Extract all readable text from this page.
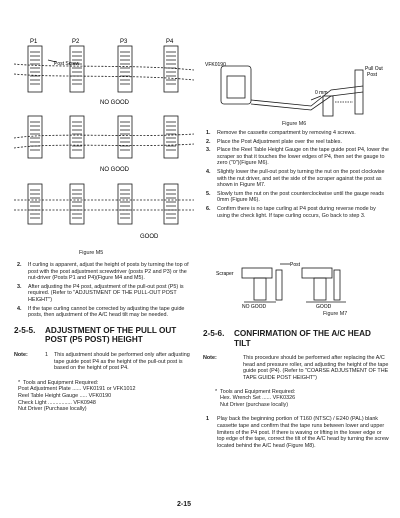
P1	P2	P3	P4
Post Screw
NO GOOD
NO GOOD
GOOD
Figure M5
2. If curling is apparent, adjust the height of posts by turning the top of post with the post adjustment screwdriver (posts P2 and P3) or the nut-driver (Posts P1 and P4)(Figure M4 and M5).
3. After adjusting the P4 post, adjustment of the pull-out post (P5) is required. (Refer to "ADJUSTMENT OF THE PULL-OUT POST HEIGHT")
4. If the tape curling cannot be corrected by adjusting the tape guide posts, then adjustment of the A/C head tilt may be needed.
2-5-5. ADJUSTMENT OF THE PULL OUT POST (P5 POST) HEIGHT
Note:	1 This adjustment should be performed only after adjusting tape guide post P4 as the height of the pull-out post is based on the height of post P4.
* Tools and Equipment Required:
Post Adjustment Plate ...... VFK0191 or VFK1012
Reel Table Height Gauge ..... VFK0190
Check Light ................ VFK0948
Nut Driver (Purchase locally)
VFK0190
Pull Out
Post
0 mm
Figure M6
1. Remove the cassette compartment by removing 4 screws.
2. Place the Post Adjustment plate over the reel tables.
3. Place the Reel Table Height Gauge on the tape guide post P4, lower the scraper so that it touches the lower edges of P4, then set the gauge to zero ("0")(Figure M6).
4. Slightly lower the pull-out post by turning the nut on the post clockwise with the nut driver, and set the side of the scraper against the post as shown in Figure M7.
5. Slowly turn the nut on the post counterclockwise until the gauge reads 0mm (Figure M6).
6. Confirm there is no tape curling at P4 post during reverse mode by using the check light. If tape curling occurs, Go back to step 3.
Scraper
Post
NO GOOD	GOOD
Figure M7
2-5-6. CONFIRMATION OF THE A/C HEAD TILT
Note:	This procedure should be performed after replacing the A/C head and pressure roller, and adjusting the height of the tape guide post (P4). (Refer to "COARSE ADJUSTMENT OF THE TAPE GUIDE POST HEIGHT")
* Tools and Equipment Required:
Hex. Wrench Set ...... VFK0326
Nut Driver (purchase locally)
1 Play back the beginning portion of T160 (NTSC) / E240 (PAL) blank cassette tape and confirm that the tape runs between lower and upper limiters of the P4 post. If there is waving or lifting in the lower edge or top edge of the tape, correct the tilt of the A/C head by turning the screw located behind the A/C head (Figure M8).
2-15
